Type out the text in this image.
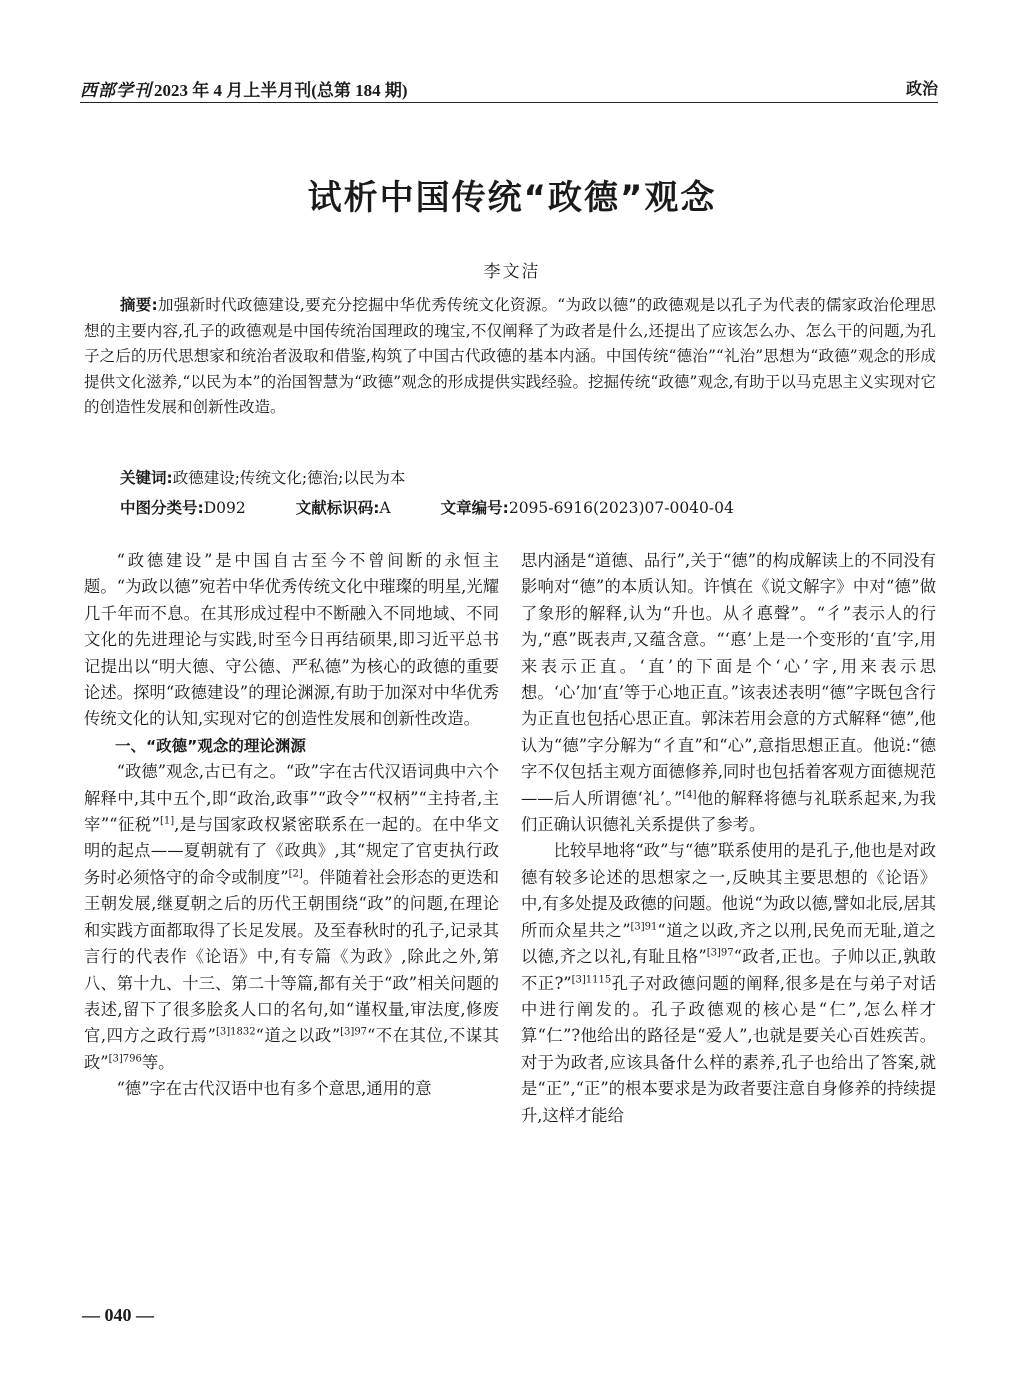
西部学刊 2023 年 4 月上半月刊(总第 184 期)	政治
试析中国传统“政德”观念
李文洁
摘要:加强新时代政德建设,要充分挖掘中华优秀传统文化资源。“为政以德”的政德观是以孔子为代表的儒家政治伦理思想的主要内容,孔子的政德观是中国传统治国理政的瑰宝,不仅阐释了为政者是什么,还提出了应该怎么办、怎么干的问题,为孔子之后的历代思想家和统治者汲取和借鉴,构筑了中国古代政德的基本内涵。中国传统“德治”“礼治”思想为“政德”观念的形成提供文化滋养,“以民为本”的治国智慧为“政德”观念的形成提供实践经验。挖掘传统“政德”观念,有助于以马克思主义实现对它的创造性发展和创新性改造。
关键词:政德建设;传统文化;德治;以民为本
中图分类号:D092	文献标识码:A	文章编号:2095-6916(2023)07-0040-04

“政德建设”是中国自古至今不曾间断的永恒主题。“为政以德”宛若中华优秀传统文化中璀璨的明星,光耀几千年而不息。在其形成过程中不断融入不同地域、不同文化的先进理论与实践,时至今日再结硕果,即习近平总书记提出以“明大德、守公德、严私德”为核心的政德的重要论述。探明“政德建设”的理论渊源,有助于加深对中华优秀传统文化的认知,实现对它的创造性发展和创新性改造。

一、“政德”观念的理论渊源

“政德”观念,古已有之。“政”字在古代汉语词典中六个解释中,其中五个,即“政治,政事”“政令”“权柄”“主持者,主宰”“征税”[1],是与国家政权紧密联系在一起的。在中华文明的起点——夏朝就有了《政典》,其“规定了官吏执行政务时必须恪守的命令或制度”[2]。伴随着社会形态的更迭和王朝发展,继夏朝之后的历代王朝围绕“政”的问题,在理论和实践方面都取得了长足发展。及至春秋时的孔子,记录其言行的代表作《论语》中,有专篇《为政》,除此之外,第八、第十九、十三、第二十等篇,都有关于“政”相关问题的表述,留下了很多脍炙人口的名句,如“谨权量,审法度,修废官,四方之政行焉”$^{[3]1832}$“道之以政”$^{[3]97}$“不在其位,不谋其政”$^{[3]796}$等。

“德”字在古代汉语中也有多个意思,通用的意

思内涵是“道德、品行”,关于“德”的构成解读上的不同没有影响对“德”的本质认知。许慎在《说文解字》中对“德”做了象形的解释,认为“升也。从彳悳聲”。“彳”表示人的行为,“悳”既表声,又蕴含意。“‘悳’上是一个变形的‘直’字,用来表示正直。‘直’的下面是个‘心’字,用来表示思想。‘心’加‘直’等于心地正直。”该表述表明“德”字既包含行为正直也包括心思正直。郭沫若用会意的方式解释“德”,他认为“德”字分解为“彳直”和“心”,意指思想正直。他说:“德字不仅包括主观方面德修养,同时也包括着客观方面德规范——后人所谓德‘礼’。”[4]他的解释将德与礼联系起来,为我们正确认识德礼关系提供了参考。

比较早地将“政”与“德”联系使用的是孔子,他也是对政德有较多论述的思想家之一,反映其主要思想的《论语》中,有多处提及政德的问题。他说“为政以德,譬如北辰,居其所而众星共之”$^{[3]91}$“道之以政,齐之以刑,民免而无耻,道之以德,齐之以礼,有耻且格”$^{[3]97}$“政者,正也。子帅以正,孰敢不正?”$^{[3]1115}$孔子对政德问题的阐释,很多是在与弟子对话中进行阐发的。孔子政德观的核心是“仁”,怎么样才算“仁”?他给出的路径是“爱人”,也就是要关心百姓疾苦。对于为政者,应该具备什么样的素养,孔子也给出了答案,就是“正”,“正”的根本要求是为政者要注意自身修养的持续提升,这样才能给

— 040 —
